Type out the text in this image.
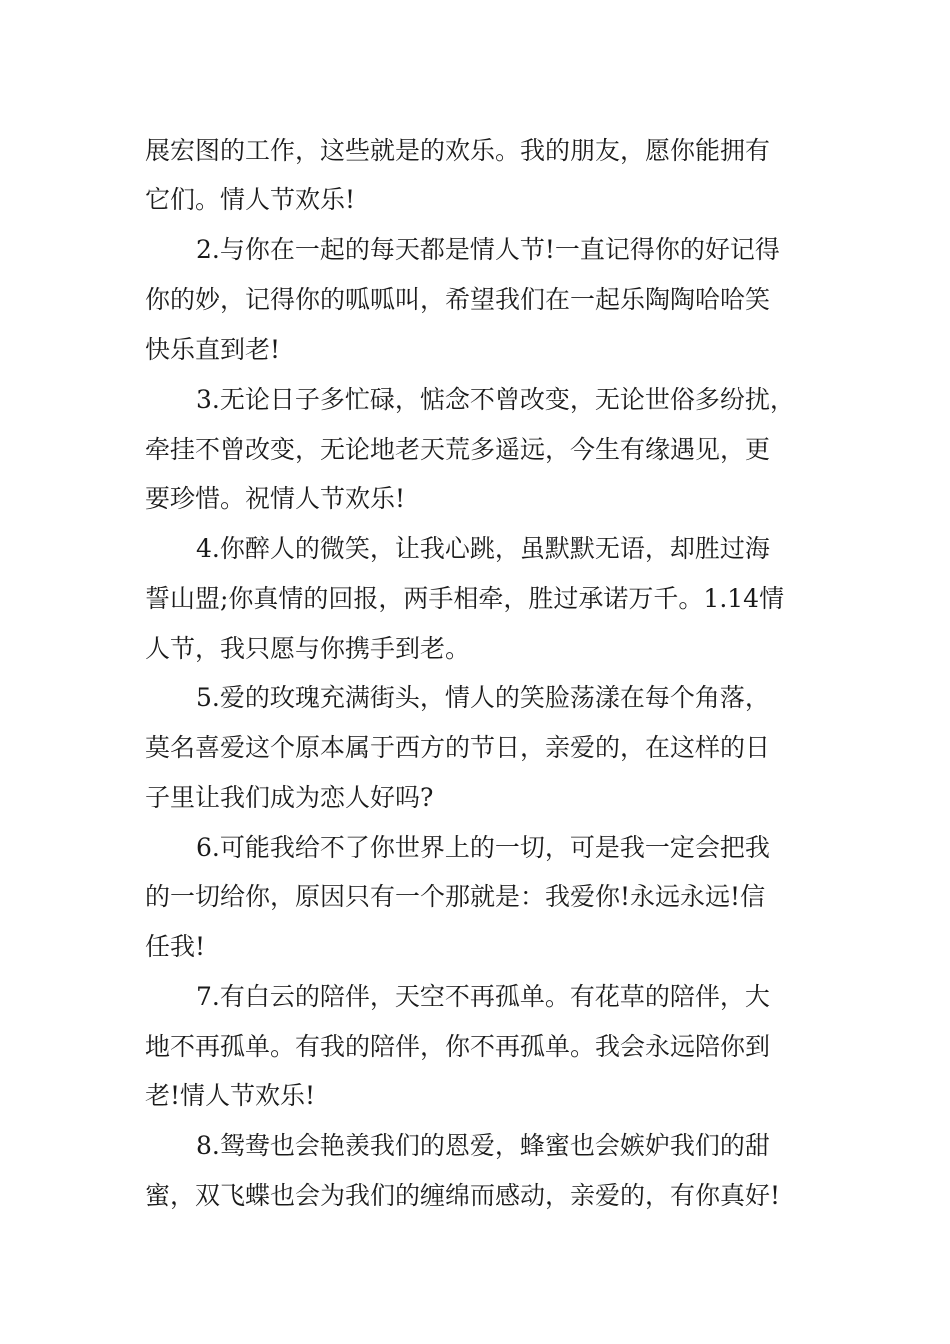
展宏图的工作，这些就是的欢乐。我的朋友，愿你能拥有
它们。情人节欢乐!
2.与你在一起的每天都是情人节!一直记得你的好记得
你的妙，记得你的呱呱叫，希望我们在一起乐陶陶哈哈笑
快乐直到老!
3.无论日子多忙碌，惦念不曾改变，无论世俗多纷扰，
牵挂不曾改变，无论地老天荒多遥远，今生有缘遇见，更
要珍惜。祝情人节欢乐!
4.你醉人的微笑，让我心跳，虽默默无语，却胜过海
誓山盟;你真情的回报，两手相牵，胜过承诺万千。1.14情
人节，我只愿与你携手到老。
5.爱的玫瑰充满街头，情人的笑脸荡漾在每个角落，
莫名喜爱这个原本属于西方的节日，亲爱的，在这样的日
子里让我们成为恋人好吗?
6.可能我给不了你世界上的一切，可是我一定会把我
的一切给你，原因只有一个那就是：我爱你!永远永远!信
任我!
7.有白云的陪伴，天空不再孤单。有花草的陪伴，大
地不再孤单。有我的陪伴，你不再孤单。我会永远陪你到
老!情人节欢乐!
8.鸳鸯也会艳羡我们的恩爱，蜂蜜也会嫉妒我们的甜
蜜，双飞蝶也会为我们的缠绵而感动，亲爱的，有你真好!
